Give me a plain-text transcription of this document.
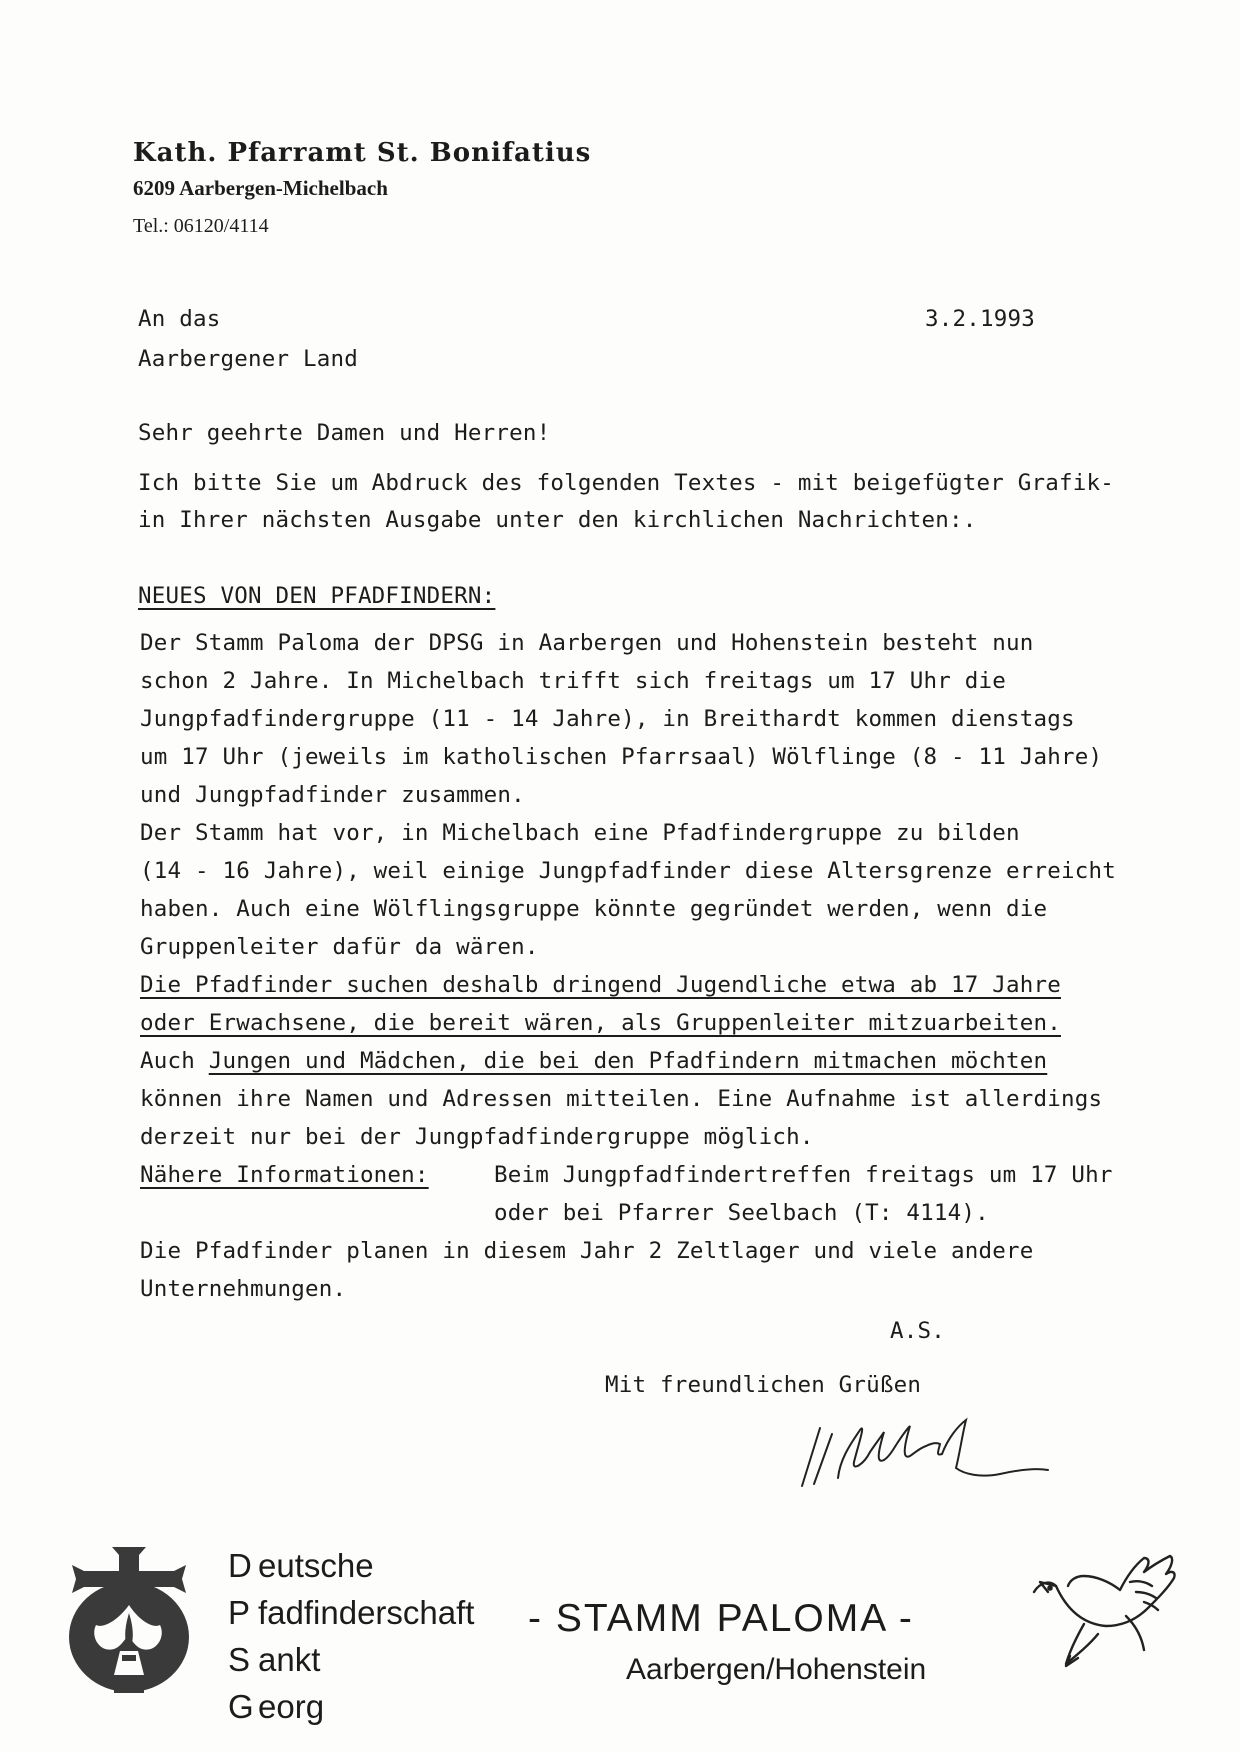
Kath. Pfarramt St. Bonifatius

6209 Aarbergen-Michelbach

Tel.: 06120/4114

An das
Aarbergener Land
3.2.1993
Sehr geehrte Damen und Herren!
Ich bitte Sie um Abdruck des folgenden Textes - mit beigefügter Grafik-
in Ihrer nächsten Ausgabe unter den kirchlichen Nachrichten:.
NEUES VON DEN PFADFINDERN:
Der Stamm Paloma der DPSG in Aarbergen und Hohenstein besteht nun
schon 2 Jahre. In Michelbach trifft sich freitags um 17 Uhr die
Jungpfadfindergruppe (11 - 14 Jahre), in Breithardt kommen dienstags
um 17 Uhr (jeweils im katholischen Pfarrsaal) Wölflinge (8 - 11 Jahre)
und Jungpfadfinder zusammen.
Der Stamm hat vor, in Michelbach eine Pfadfindergruppe zu bilden
(14 - 16 Jahre), weil einige Jungpfadfinder diese Altersgrenze erreicht
haben. Auch eine Wölflingsgruppe könnte gegründet werden, wenn die
Gruppenleiter dafür da wären.
Die Pfadfinder suchen deshalb dringend Jugendliche etwa ab 17 Jahre
oder Erwachsene, die bereit wären, als Gruppenleiter mitzuarbeiten.
Auch Jungen und Mädchen, die bei den Pfadfindern mitmachen möchten
können ihre Namen und Adressen mitteilen. Eine Aufnahme ist allerdings
derzeit nur bei der Jungpfadfindergruppe möglich.
Nähere Informationen:	Beim Jungpfadfindertreffen freitags um 17 Uhr
oder bei Pfarrer Seelbach (T: 4114).
Die Pfadfinder planen in diesem Jahr 2 Zeltlager und viele andere
Unternehmungen.
A.S.
Mit freundlichen Grüßen
D eutsche
P fadfinderschaft
S ankt
G eorg
- STAMM PALOMA -
Aarbergen/Hohenstein
